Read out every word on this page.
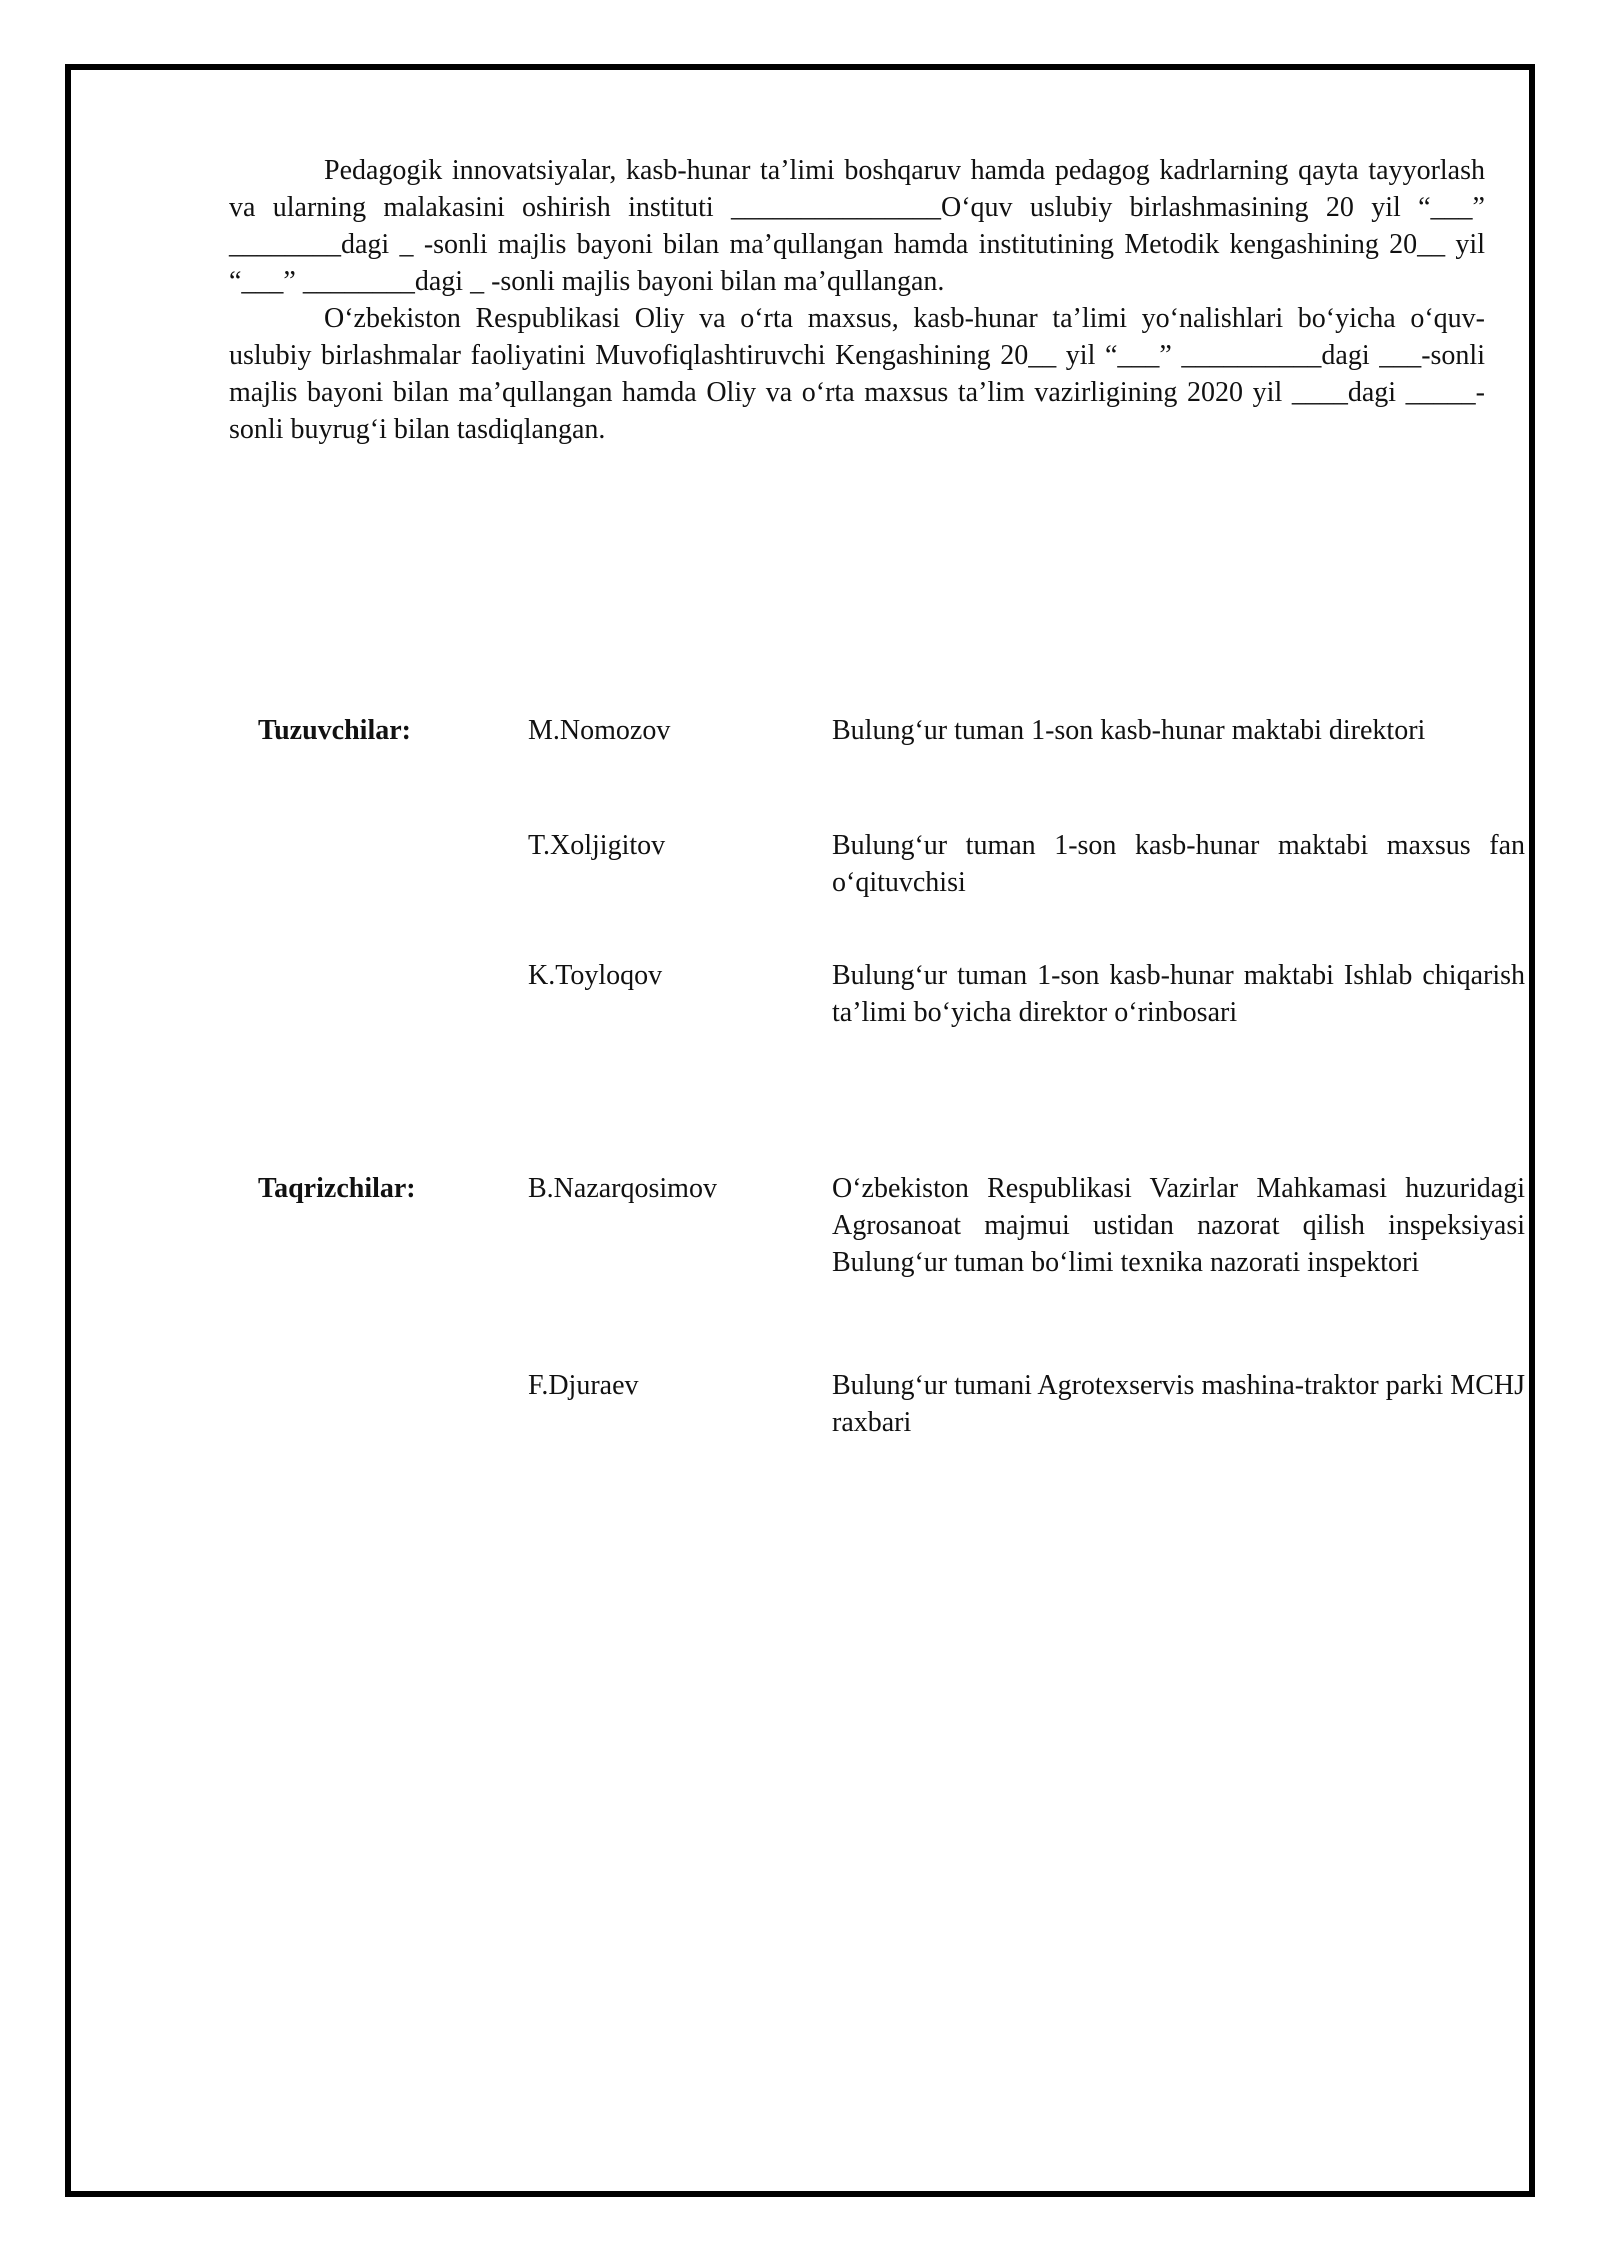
Pedagogik innovatsiyalar, kasb-hunar ta’limi boshqaruv hamda pedagog kadrlarning qayta tayyorlash va ularning malakasini oshirish instituti _______________O‘quv uslubiy birlashmasining 20 yil “___” ________dagi _ -sonli majlis bayoni bilan ma’qullangan hamda institutining Metodik kengashining 20__ yil “___” ________dagi _ -sonli majlis bayoni bilan ma’qullangan.

O‘zbekiston Respublikasi Oliy va o‘rta maxsus, kasb-hunar ta’limi yo‘nalishlari bo‘yicha o‘quv-uslubiy birlashmalar faoliyatini Muvofiqlashtiruvchi Kengashining 20__ yil “___” __________dagi ___-sonli majlis bayoni bilan ma’qullangan hamda Oliy va o‘rta maxsus ta’lim vazirligining 2020 yil ____dagi _____-sonli buyrug‘i bilan tasdiqlangan.

Tuzuvchilar:	M.Nomozov	Bulung‘ur tuman 1-son kasb-hunar maktabi direktori
T.Xoljigitov	Bulung‘ur tuman 1-son kasb-hunar maktabi maxsus fan o‘qituvchisi
K.Toyloqov	Bulung‘ur tuman 1-son kasb-hunar maktabi Ishlab chiqarish ta’limi bo‘yicha direktor o‘rinbosari
Taqrizchilar:	B.Nazarqosimov	O‘zbekiston Respublikasi Vazirlar Mahkamasi huzuridagi Agrosanoat majmui ustidan nazorat qilish inspeksiyasi Bulung‘ur tuman bo‘limi texnika nazorati inspektori
F.Djuraev	Bulung‘ur tumani Agrotexservis mashina-traktor parki MCHJ raxbari
